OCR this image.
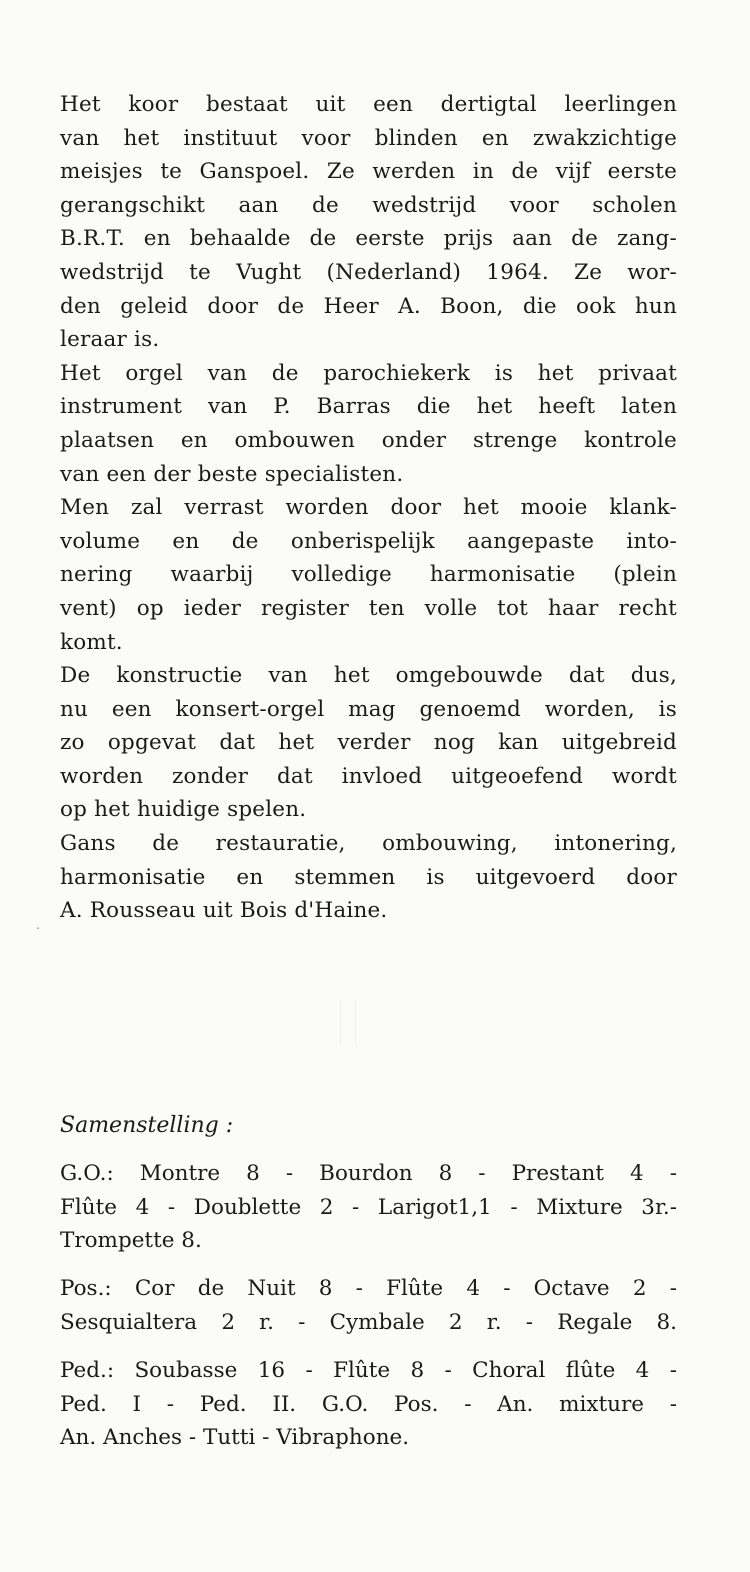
Het koor bestaat uit een dertigtal leerlingen
van het instituut voor blinden en zwakzichtige
meisjes te Ganspoel. Ze werden in de vijf eerste
gerangschikt aan de wedstrijd voor scholen
B.R.T. en behaalde de eerste prijs aan de zang-
wedstrijd te Vught (Nederland) 1964. Ze wor-
den geleid door de Heer A. Boon, die ook hun
leraar is.
Het orgel van de parochiekerk is het privaat
instrument van P. Barras die het heeft laten
plaatsen en ombouwen onder strenge kontrole
van een der beste specialisten.
Men zal verrast worden door het mooie klank-
volume en de onberispelijk aangepaste into-
nering waarbij volledige harmonisatie (plein
vent) op ieder register ten volle tot haar recht
komt.
De konstructie van het omgebouwde dat dus,
nu een konsert-orgel mag genoemd worden, is
zo opgevat dat het verder nog kan uitgebreid
worden zonder dat invloed uitgeoefend wordt
op het huidige spelen.
Gans de restauratie, ombouwing, intonering,
harmonisatie en stemmen is uitgevoerd door
A. Rousseau uit Bois d'Haine.
.
Samenstelling :
G.O.: Montre 8 - Bourdon 8 - Prestant 4 -
Flûte 4 - Doublette 2 - Larigot1,1 - Mixture 3r.-
Trompette 8.
Pos.: Cor de Nuit 8 - Flûte 4 - Octave 2 -
Sesquialtera 2 r. - Cymbale 2 r. - Regale 8.
Ped.: Soubasse 16 - Flûte 8 - Choral flûte 4 -
Ped. I - Ped. II. G.O. Pos. - An. mixture -
An. Anches - Tutti - Vibraphone.
